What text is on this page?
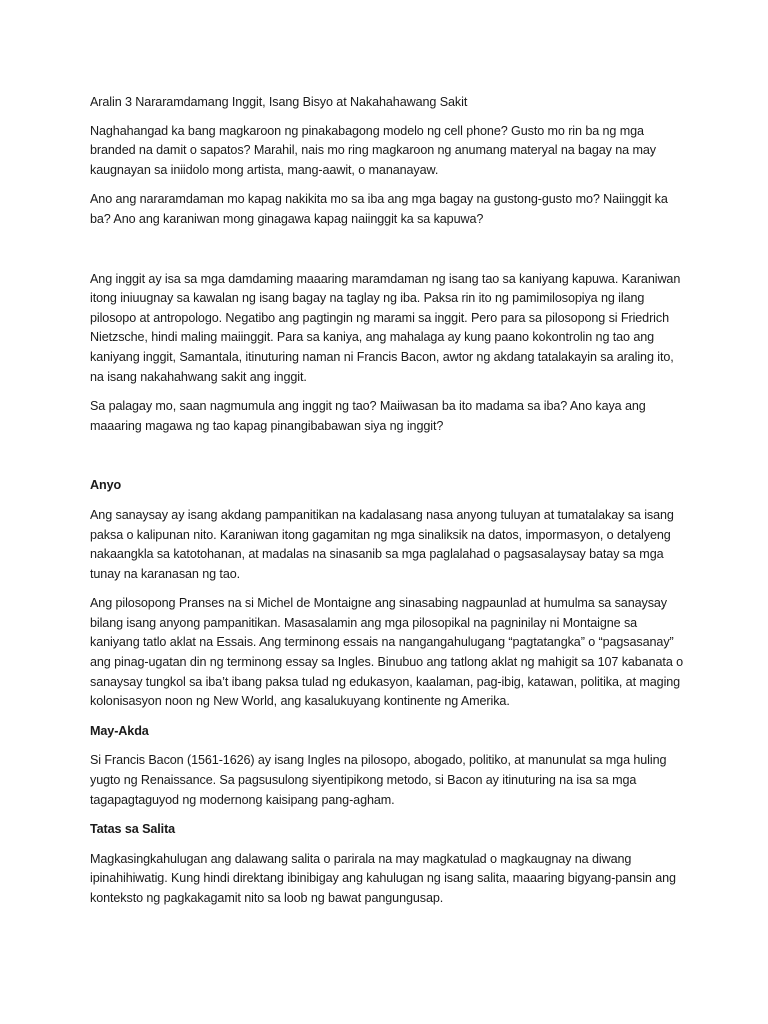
Aralin 3 Nararamdamang Inggit, Isang Bisyo at Nakahahawang Sakit

Naghahangad ka bang magkaroon ng pinakabagong modelo ng cell phone? Gusto mo rin ba ng mga branded na damit o sapatos? Marahil, nais mo ring magkaroon ng anumang materyal na bagay na may kaugnayan sa iniidolo mong artista, mang-aawit, o mananayaw.

Ano ang nararamdaman mo kapag nakikita mo sa iba ang mga bagay na gustong-gusto mo? Naiinggit ka ba? Ano ang karaniwan mong ginagawa kapag naiinggit ka sa kapuwa?

Ang inggit ay isa sa mga damdaming maaaring maramdaman ng isang tao sa kaniyang kapuwa. Karaniwan itong iniuugnay sa kawalan ng isang bagay na taglay ng iba. Paksa rin ito ng pamimilosopiya ng ilang pilosopo at antropologo. Negatibo ang pagtingin ng marami sa inggit. Pero para sa pilosopong si Friedrich Nietzsche, hindi maling maiinggit. Para sa kaniya, ang mahalaga ay kung paano kokontrolin ng tao ang kaniyang inggit, Samantala, itinuturing naman ni Francis Bacon, awtor ng akdang tatalakayin sa araling ito, na isang nakahahwang sakit ang inggit.

Sa palagay mo, saan nagmumula ang inggit ng tao? Maiiwasan ba ito madama sa iba? Ano kaya ang maaaring magawa ng tao kapag pinangibabawan siya ng inggit?

Anyo

Ang sanaysay ay isang akdang pampanitikan na kadalasang nasa anyong tuluyan at tumatalakay sa isang paksa o kalipunan nito. Karaniwan itong gagamitan ng mga sinaliksik na datos, impormasyon, o detalyeng nakaangkla sa katotohanan, at madalas na sinasanib sa mga paglalahad o pagsasalaysay batay sa mga tunay na karanasan ng tao.

Ang pilosopong Pranses na si Michel de Montaigne ang sinasabing nagpaunlad at humulma sa sanaysay bilang isang anyong pampanitikan. Masasalamin ang mga pilosopikal na pagninilay ni Montaigne sa kaniyang tatlo aklat na Essais. Ang terminong essais na nangangahulugang “pagtatangka” o “pagsasanay” ang pinag-ugatan din ng terminong essay sa Ingles. Binubuo ang tatlong aklat ng mahigit sa 107 kabanata o sanaysay tungkol sa iba’t ibang paksa tulad ng edukasyon, kaalaman, pag-ibig, katawan, politika, at maging kolonisasyon noon ng New World, ang kasalukuyang kontinente ng Amerika.

May-Akda

Si Francis Bacon (1561-1626) ay isang Ingles na pilosopo, abogado, politiko, at manunulat sa mga huling yugto ng Renaissance. Sa pagsusulong siyentipikong metodo, si Bacon ay itinuturing na isa sa mga tagapagtaguyod ng modernong kaisipang pang-agham.

Tatas sa Salita

Magkasingkahulugan ang dalawang salita o parirala na may magkatulad o magkaugnay na diwang ipinahihiwatig. Kung hindi direktang ibinibigay ang kahulugan ng isang salita, maaaring bigyang-pansin ang konteksto ng pagkakagamit nito sa loob ng bawat pangungusap.
